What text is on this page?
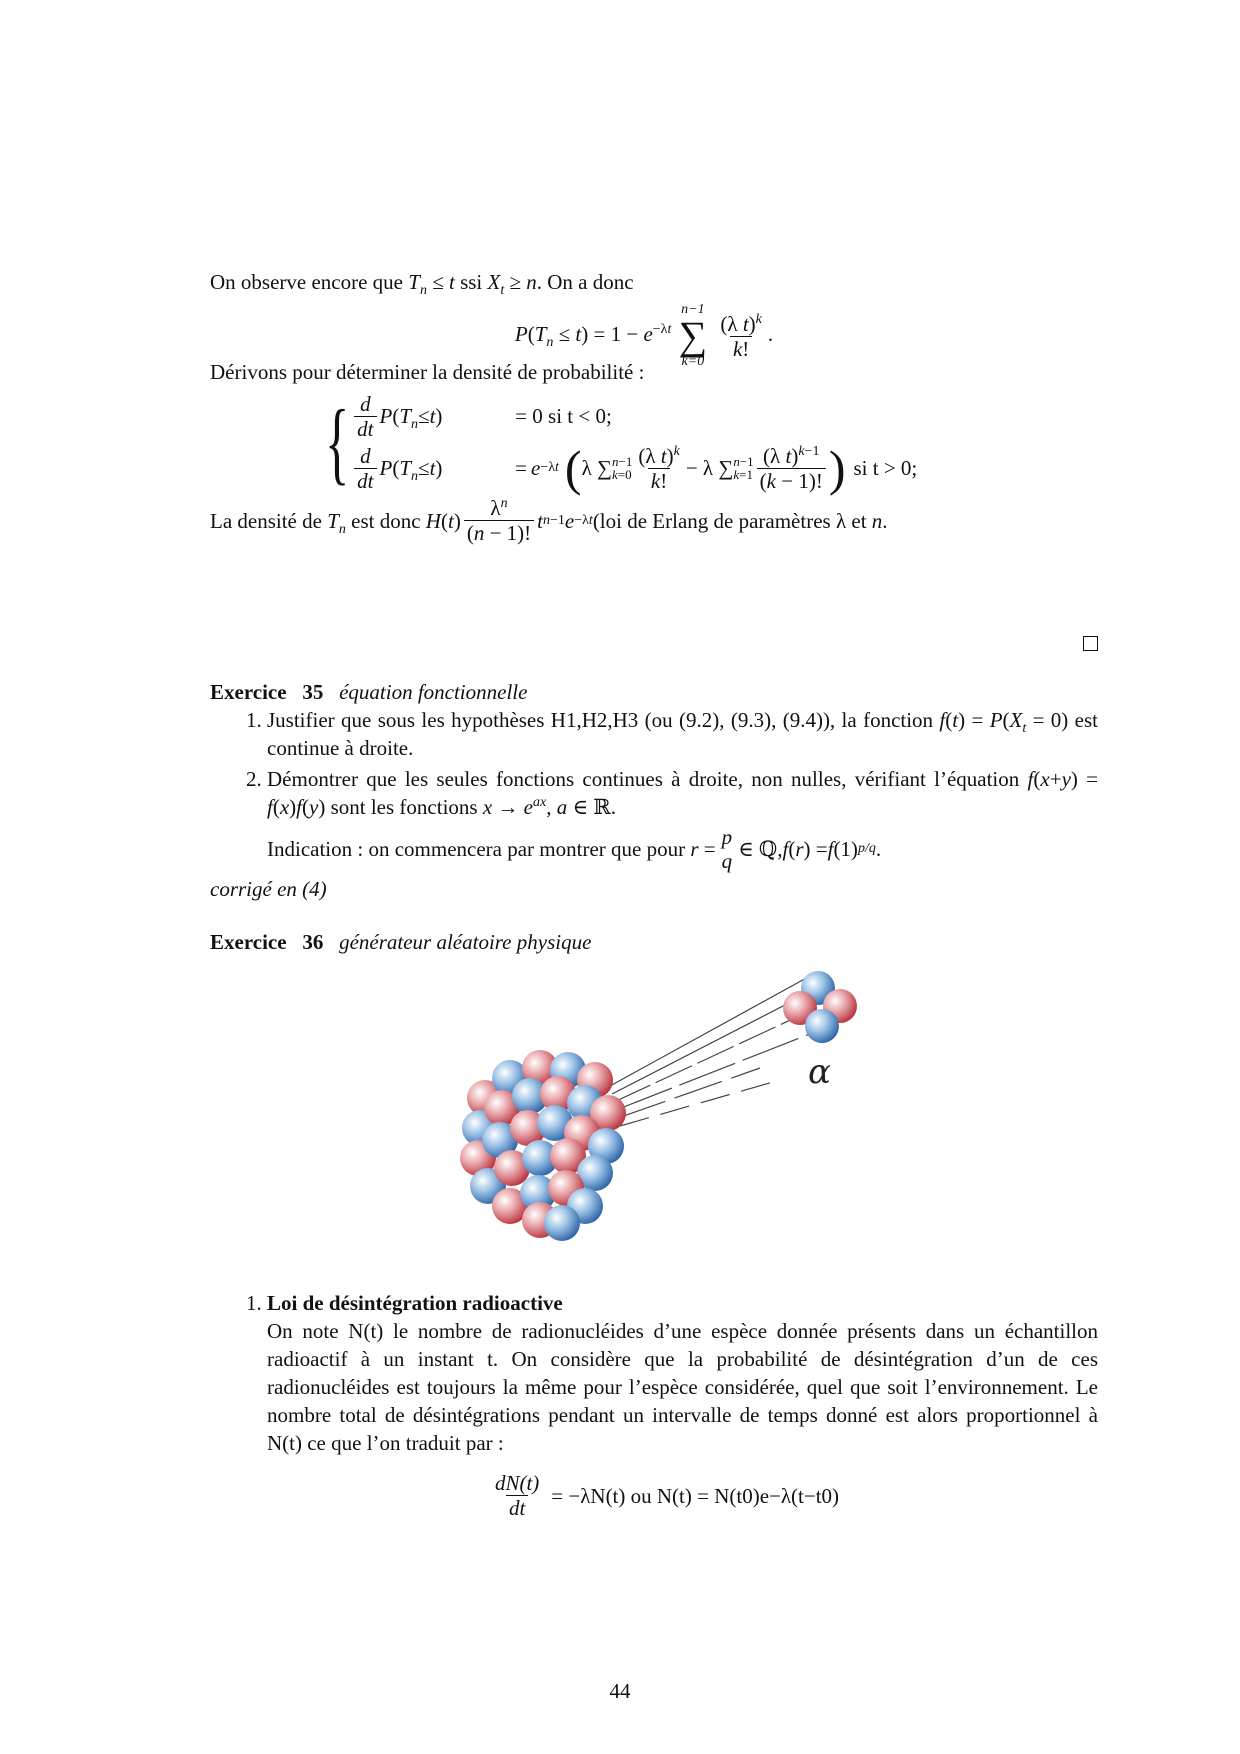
On observe encore que $T_n \le t$ ssi $X_t \ge n$. On a donc
$P(T_n \le t) = 1 - e^{-\lambda t}$
n−1
∑
k=0

$\frac{(\lambda t)^k}{k!}$ .
Dérivons pour déterminer la densité de probabilité :
{ $\frac{d}{dt}$ P ( $T_n \le t$ )	= 0 si t < 0;
$\frac{d}{dt}$ P ( $T_n \le t$ )	= e −λt ( λ ∑ n−1
$k=0 \frac{(\lambda t)^k}{k!} - \lambda$ ∑ n−1
$k=1 \frac{(\lambda t)^{k-1}}{(k - 1)!}$ ) si t > 0;
La densité de
$T_n$
est donc
H ( t ) $\frac{\lambda^n}{(n - 1)!}$ t n−1 e −λt (loi de Erlang de paramètres λ et
n .
Exercice 35 équation fonctionnelle
1. Justifier que sous les hypothèses H1,H2,H3 (ou (9.2), (9.3), (9.4)), la fonction $f(t) = P(X_t = 0)$ est continue à droite.
2. Démontrer que les seules fonctions continues à droite, non nulles, vérifiant l’équation f(x+y) = f(x)f(y) sont les fonctions $x \to e^{ax}$, a ∈ ℝ.
Indication : on commencera par montrer que pour
r = p
q ∈ ℚ, f ( r ) = f (1) p/q .
corrigé en (4)
Exercice 36 générateur aléatoire physique
α
1. Loi de désintégration radioactive
On note N(t) le nombre de radionucléides d’une espèce donnée présents dans un échantillon radioactif à un instant t. On considère que la probabilité de désintégration d’un de ces radionucléides est toujours la même pour l’espèce considérée, quel que soit l’environnement. Le nombre total de désintégrations pendant un intervalle de temps donné est alors proportionnel à N(t) ce que l’on traduit par :
$\frac{dN(t)}{dt} = -\lambda N(t)$ ou N(t) = N(t0)e−λ(t−t0)
44
